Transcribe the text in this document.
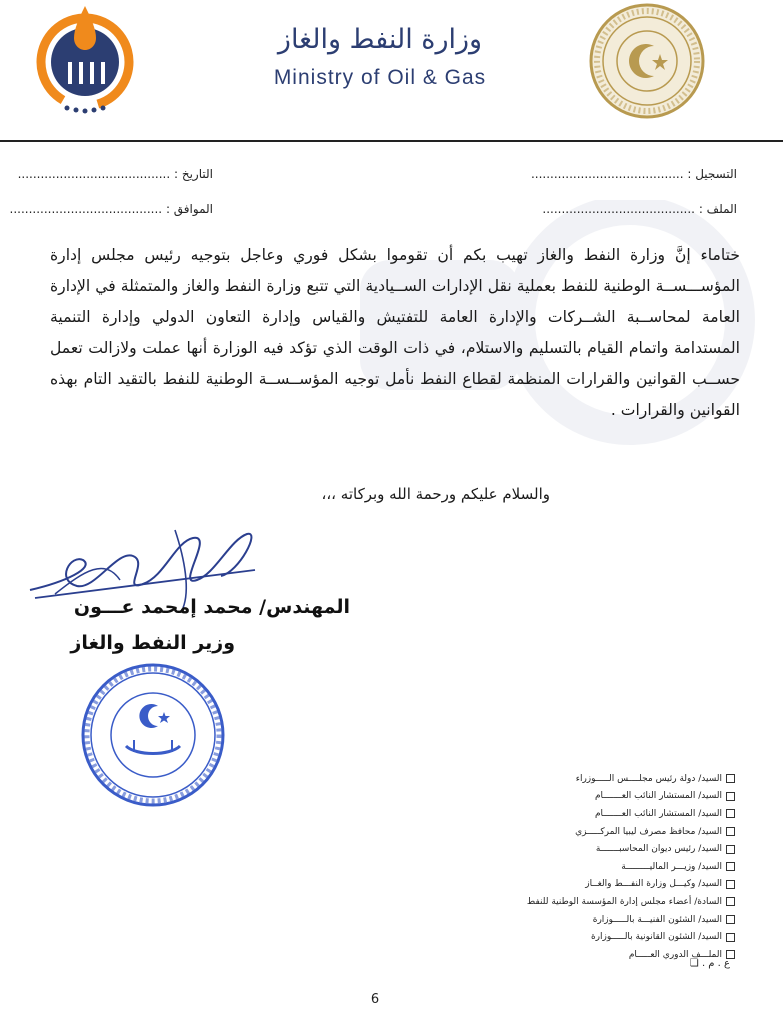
وزارة النفط والغاز
Ministry of Oil & Gas
التسجيل : ........................................
الملف : ........................................
التاريخ : ........................................
الموافق : ........................................
ختاماء إنَّ وزارة النفط والغاز تهيب بكم أن تقوموا بشكل فوري وعاجل بتوجيه رئيس مجلس إدارة المؤســـســة الوطنية للنفط بعملية نقل الإدارات الســيادية التي تتبع وزارة النفط والغاز والمتمثلة في الإدارة العامة لمحاســبة الشــركات والإدارة العامة للتفتيش والقياس وإدارة التعاون الدولي وإدارة التنمية المستدامة واتمام القيام بالتسليم والاستلام، في ذات الوقت الذي تؤكد فيه الوزارة أنها عملت ولازالت تعمل حســب القوانين والقرارات المنظمة لقطاع النفط نأمل توجيه المؤســســة الوطنية للنفط بالتقيد التام بهذه القوانين والقرارات .
والسلام عليكم ورحمة الله وبركاته ،،،
المهندس/ محمد إمحمد عـــون
وزير النفط والغاز
السيد/ دولة رئيس مجلــــس الـــــوزراء
السيد/ المستشار النائب العـــــــام
السيد/ المستشار النائب العـــــــام
السيد/ محافظ مصرف ليبيا المركـــــزي
السيد/ رئيس ديوان المحاسبـــــــة
السيد/ وزيـــر الماليـــــــــة
السيد/ وكيـــل وزارة النفـــط والغــاز
السادة/ أعضاء مجلس إدارة المؤسسة الوطنية للنفط
السيد/ الشئون الفنيـــة بالـــــوزارة
السيد/ الشئون القانونية بالـــــوزارة
الملـــف الدوري العـــــام
ع . م . ❏
6
